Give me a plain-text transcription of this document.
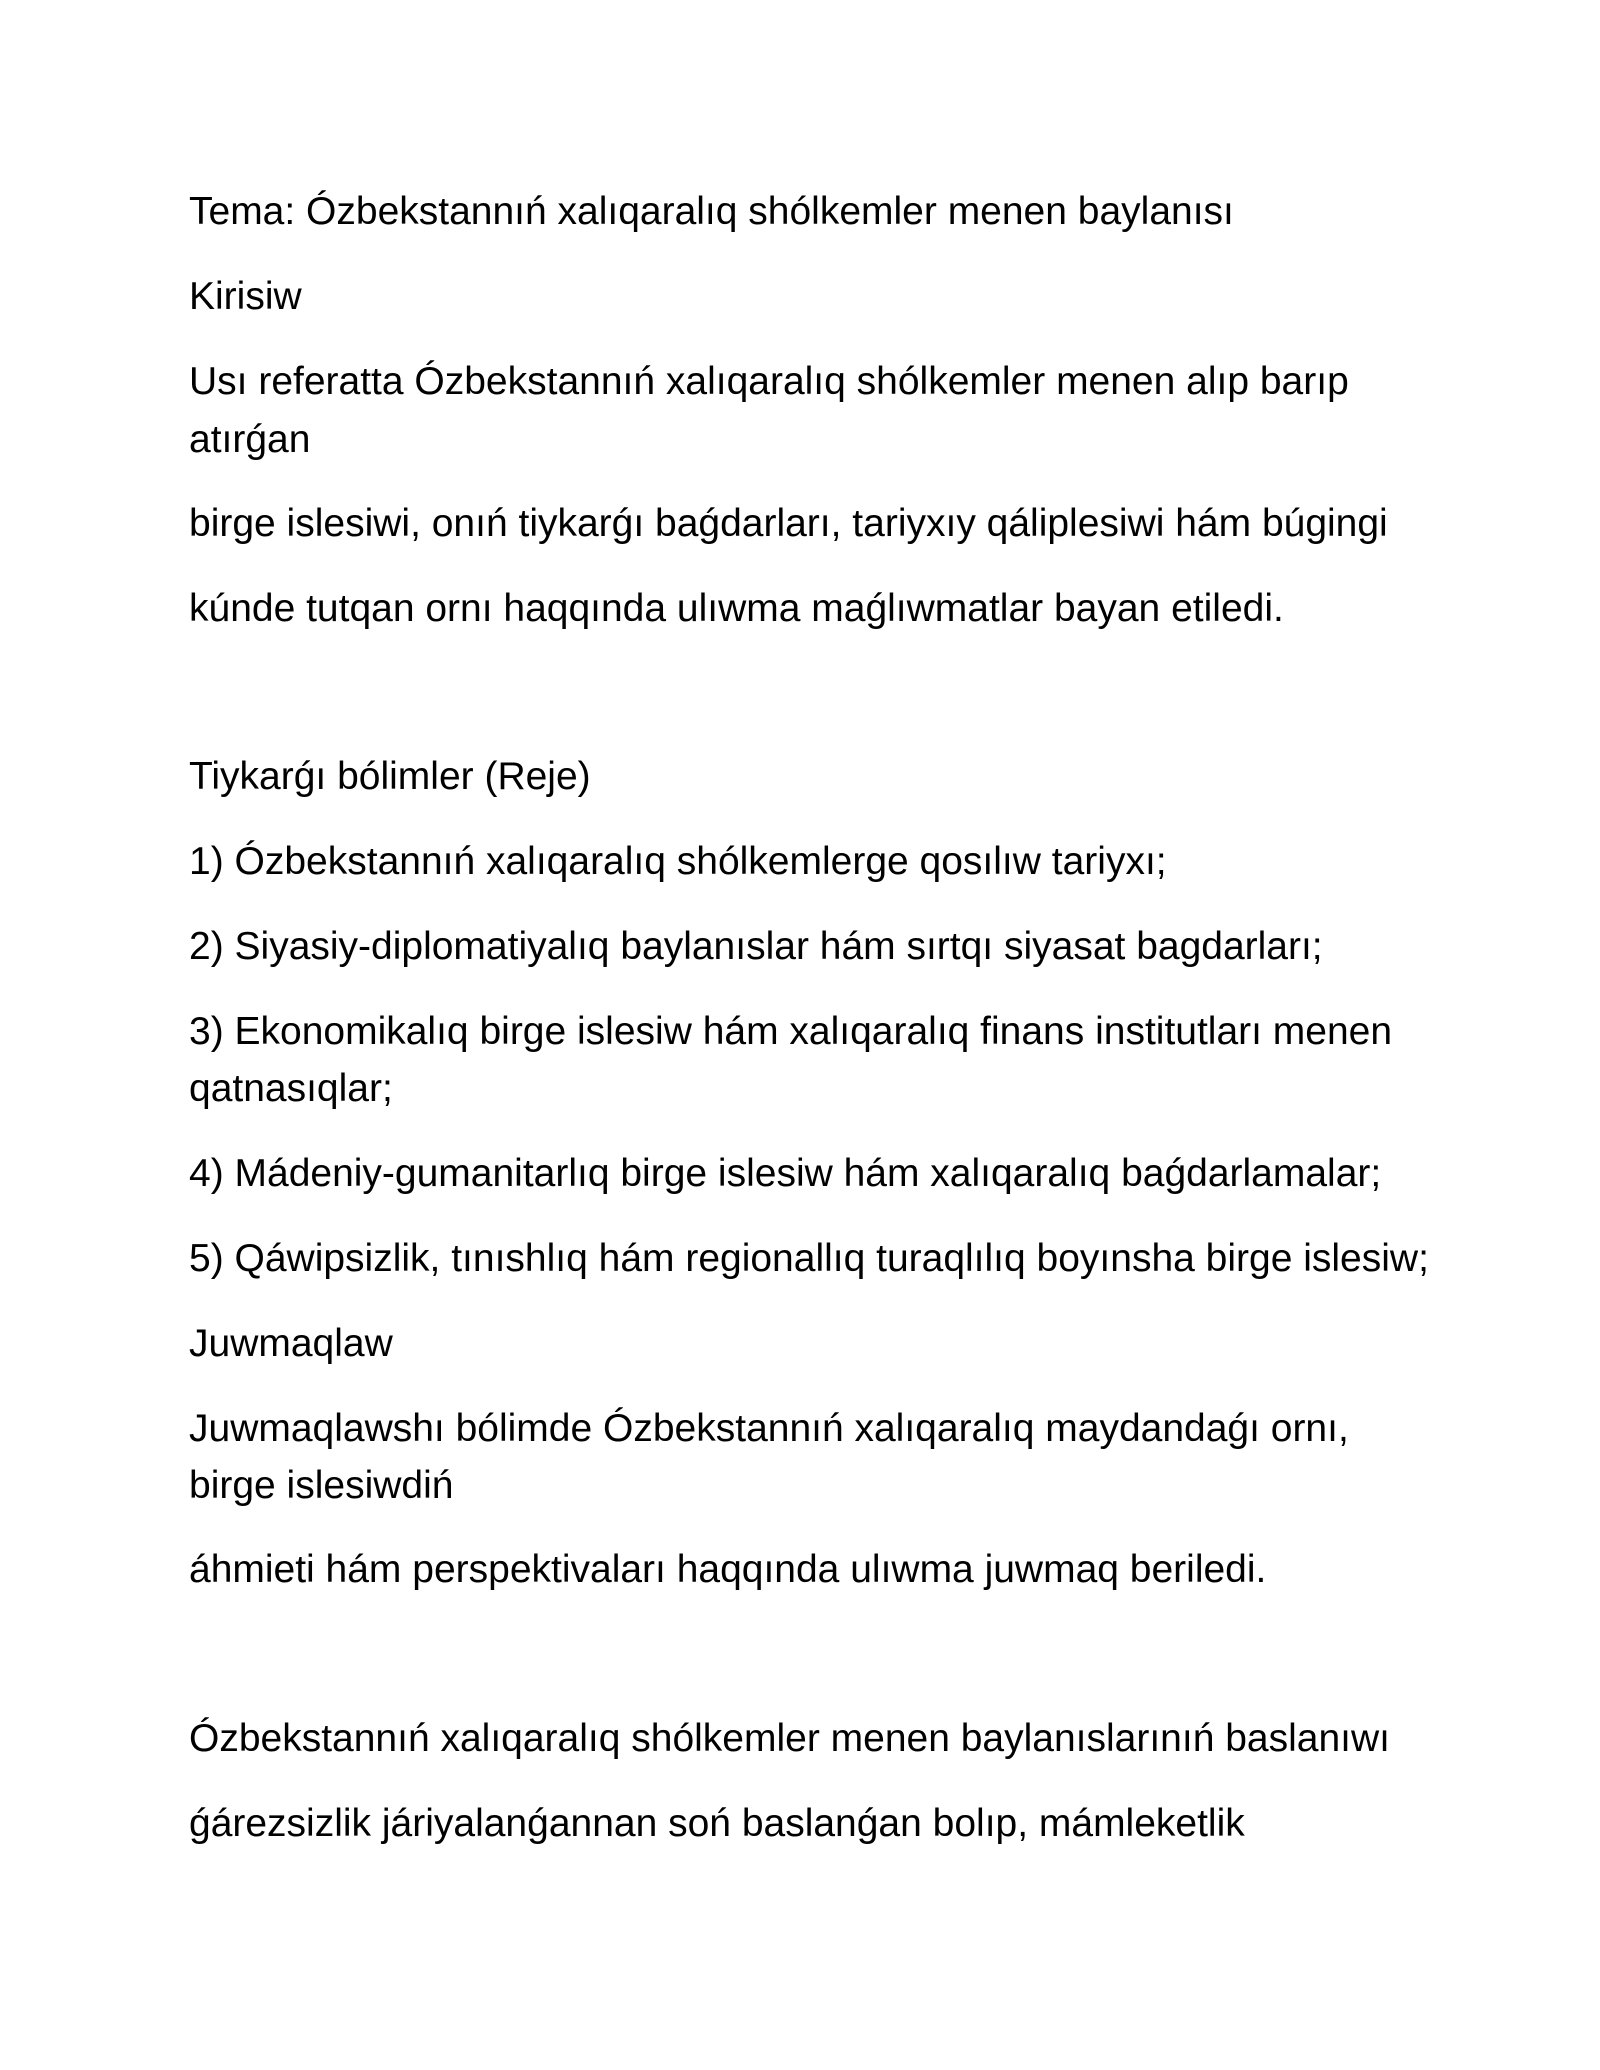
Tema: Ózbekstannıń xalıqaralıq shólkemler menen baylanısı
Kirisiw
Usı referatta Ózbekstannıń xalıqaralıq shólkemler menen alıp barıp
atırǵan
birge islesiwi, onıń tiykarǵı baǵdarları, tariyxıy qáliplesiwi hám búgingi
kúnde tutqan ornı haqqında ulıwma maǵlıwmatlar bayan etiledi.
Tiykarǵı bólimler (Reje)
1) Ózbekstannıń xalıqaralıq shólkemlerge qosılıw tariyxı;
2) Siyasiy-diplomatiyalıq baylanıslar hám sırtqı siyasat bagdarları;
3) Ekonomikalıq birge islesiw hám xalıqaralıq finans institutları menen
qatnasıqlar;
4) Mádeniy-gumanitarlıq birge islesiw hám xalıqaralıq baǵdarlamalar;
5) Qáwipsizlik, tınıshlıq hám regionallıq turaqlılıq boyınsha birge islesiw;
Juwmaqlaw
Juwmaqlawshı bólimde Ózbekstannıń xalıqaralıq maydandaǵı ornı,
birge islesiwdiń
áhmieti hám perspektivaları haqqında ulıwma juwmaq beriledi.
Ózbekstannıń xalıqaralıq shólkemler menen baylanıslarınıń baslanıwı
ǵárezsizlik járiyalanǵannan soń baslanǵan bolıp, mámleketlik
